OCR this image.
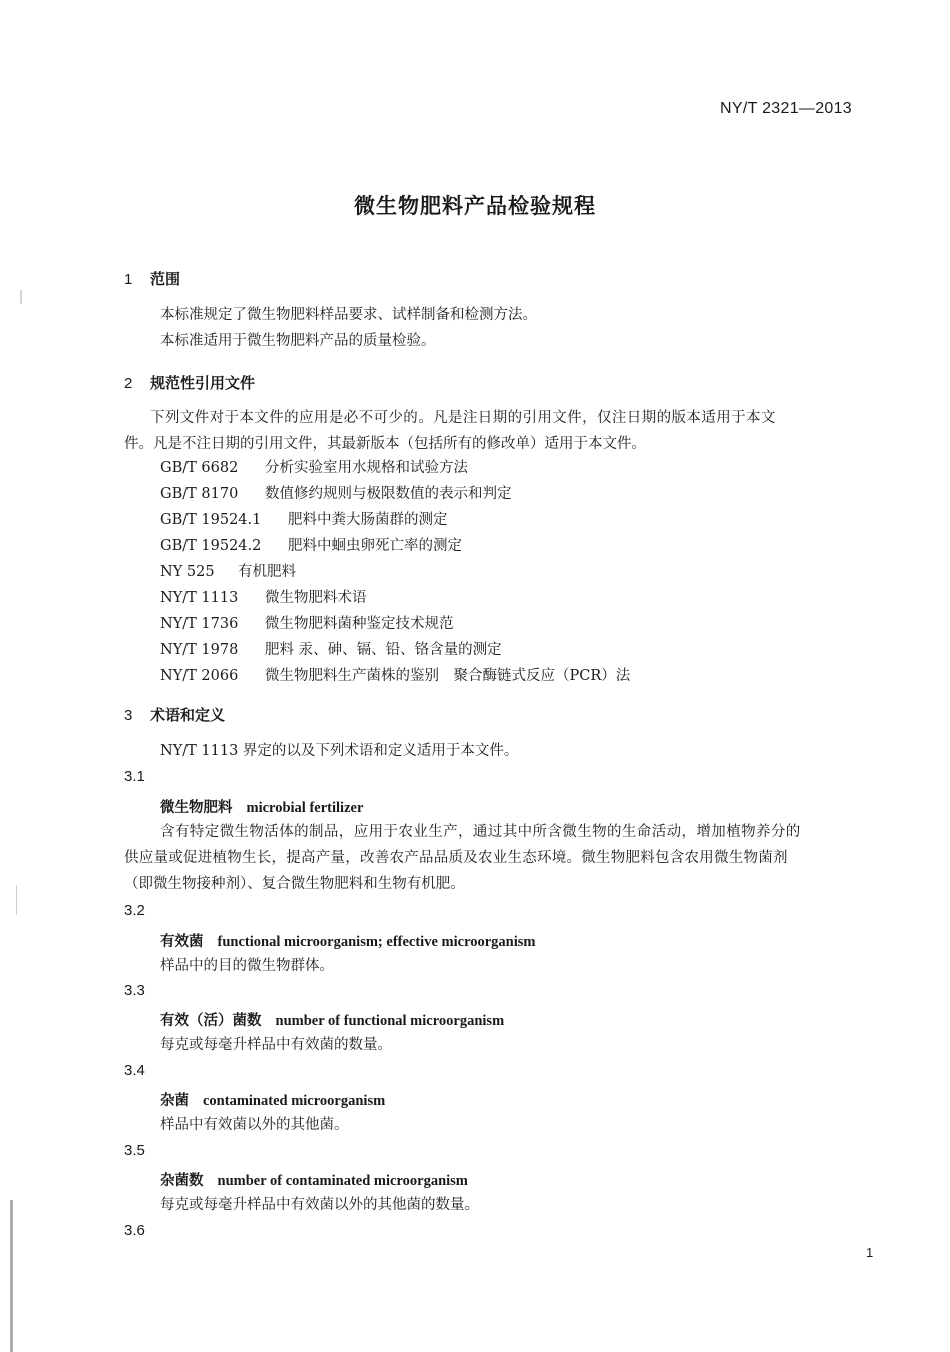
NY/T 2321—2013
微生物肥料产品检验规程
1 范围
本标准规定了微生物肥料样品要求、试样制备和检测方法。
本标准适用于微生物肥料产品的质量检验。
2 规范性引用文件
下列文件对于本文件的应用是必不可少的。凡是注日期的引用文件，仅注日期的版本适用于本文
件。凡是不注日期的引用文件，其最新版本（包括所有的修改单）适用于本文件。
GB/T 6682	分析实验室用水规格和试验方法
GB/T 8170	数值修约规则与极限数值的表示和判定
GB/T 19524.1	肥料中粪大肠菌群的测定
GB/T 19524.2	肥料中蛔虫卵死亡率的测定
NY 525	有机肥料
NY/T 1113	微生物肥料术语
NY/T 1736	微生物肥料菌种鉴定技术规范
NY/T 1978	肥料 汞、砷、镉、铅、铬含量的测定
NY/T 2066	微生物肥料生产菌株的鉴别　聚合酶链式反应（PCR）法
3 术语和定义
NY/T 1113 界定的以及下列术语和定义适用于本文件。
3.1
微生物肥料 microbial fertilizer
含有特定微生物活体的制品，应用于农业生产，通过其中所含微生物的生命活动，增加植物养分的
供应量或促进植物生长，提高产量，改善农产品品质及农业生态环境。微生物肥料包含农用微生物菌剂
（即微生物接种剂）、复合微生物肥料和生物有机肥。
3.2
有效菌 functional microorganism; effective microorganism
样品中的目的微生物群体。
3.3
有效（活）菌数 number of functional microorganism
每克或每毫升样品中有效菌的数量。
3.4
杂菌 contaminated microorganism
样品中有效菌以外的其他菌。
3.5
杂菌数 number of contaminated microorganism
每克或每毫升样品中有效菌以外的其他菌的数量。
3.6
1
